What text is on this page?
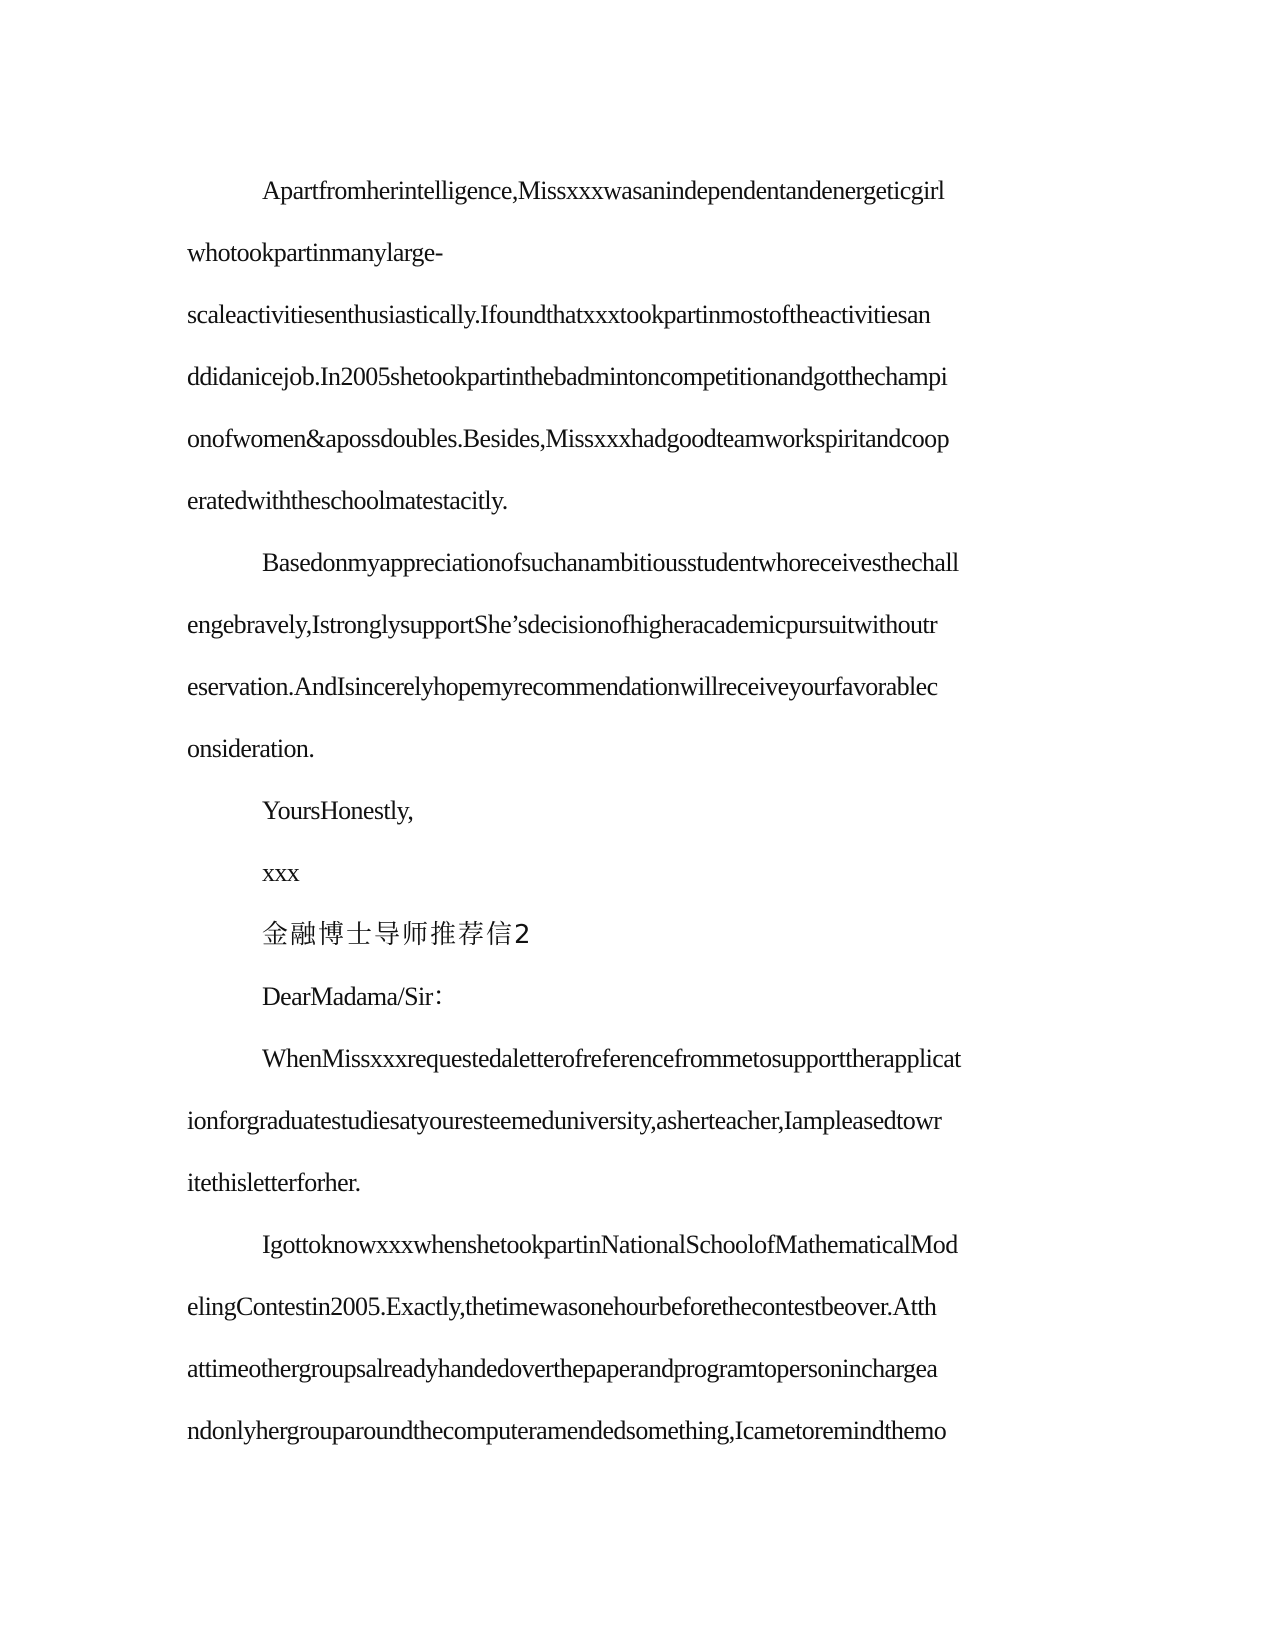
Apartfromherintelligence,Missxxxwasanindependentandenergeticgirl
whotookpartinmanylarge-
scaleactivitiesenthusiastically.Ifoundthatxxxtookpartinmostoftheactivitiesan
ddidanicejob.In2005shetookpartinthebadmintoncompetitionandgotthechampi
onofwomen&apossdoubles.Besides,Missxxxhadgoodteamworkspiritandcoop
eratedwiththeschoolmatestacitly.
Basedonmyappreciationofsuchanambitiousstudentwhoreceivesthechall
engebravely,IstronglysupportShe’sdecisionofhigheracademicpursuitwithoutr
eservation.AndIsincerelyhopemyrecommendationwillreceiveyourfavorablec
onsideration.
YoursHonestly,
xxx
金融博士导师推荐信2
DearMadama/Sir：
WhenMissxxxrequestedaletterofreferencefrommetosupporttherapplicat
ionforgraduatestudiesatyouresteemeduniversity,asherteacher,Iampleasedtowr
itethisletterforher.
IgottoknowxxxwhenshetookpartinNationalSchoolofMathematicalMod
elingContestin2005.Exactly,thetimewasonehourbeforethecontestbeover.Atth
attimeothergroupsalreadyhandedoverthepaperandprogramtopersoninchargea
ndonlyhergrouparoundthecomputeramendedsomething,Icametoremindthemo
